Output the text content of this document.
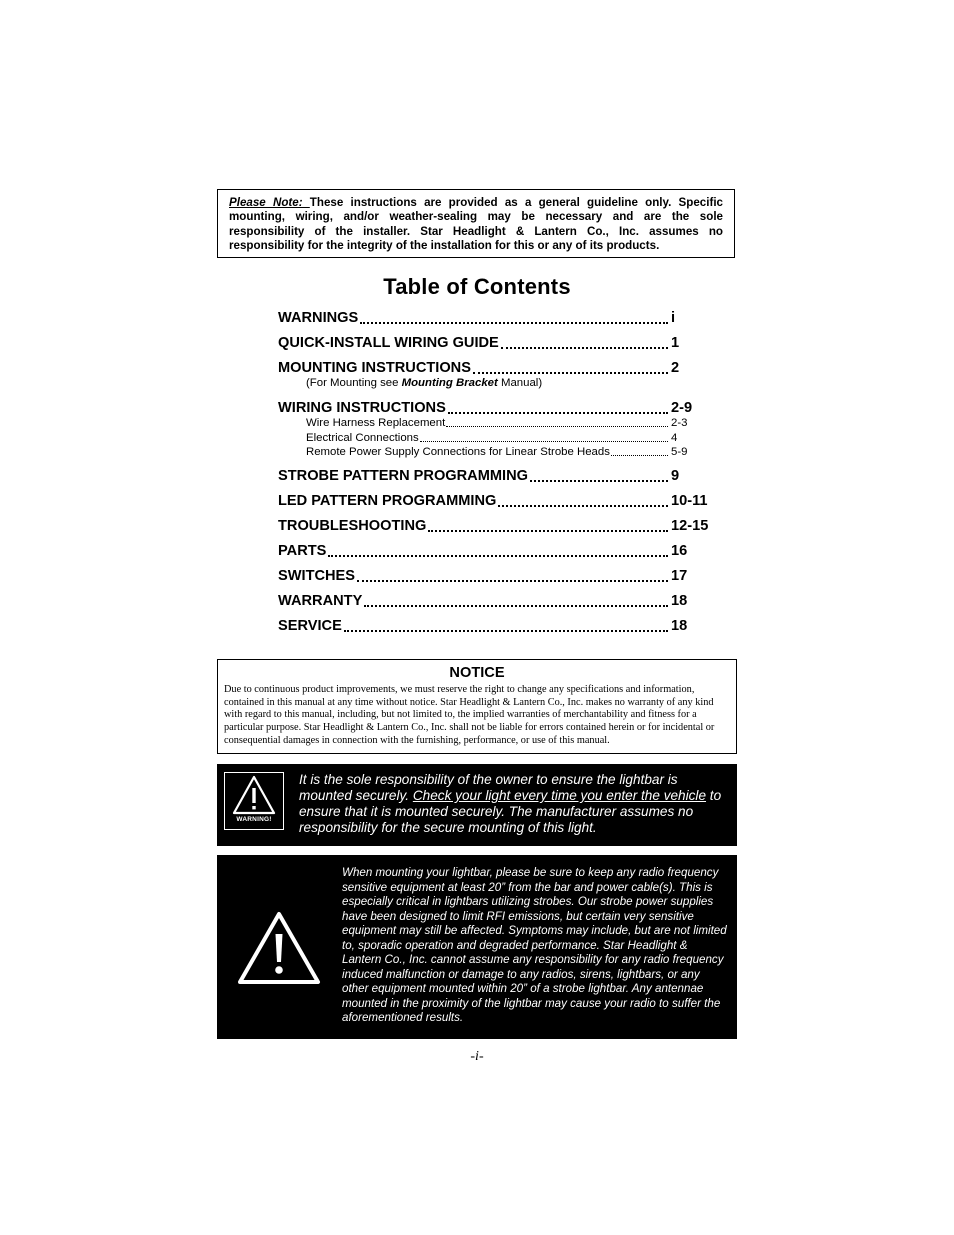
Please Note: These instructions are provided as a general guideline only. Specific mounting, wiring, and/or weather-sealing may be necessary and are the sole responsibility of the installer. Star Headlight & Lantern Co., Inc. assumes no responsibility for the integrity of the installation for this or any of its products.
Table of Contents
WARNINGS	i
QUICK-INSTALL WIRING GUIDE	1
MOUNTING INSTRUCTIONS	2
(For Mounting see Mounting Bracket Manual)
WIRING INSTRUCTIONS	2-9
Wire Harness Replacement	2-3
Electrical Connections	4
Remote Power Supply Connections for Linear Strobe Heads	5-9
STROBE PATTERN PROGRAMMING	9
LED PATTERN PROGRAMMING	10-11
TROUBLESHOOTING	12-15
PARTS	16
SWITCHES	17
WARRANTY	18
SERVICE	18
NOTICE
Due to continuous product improvements, we must reserve the right to change any specifications and information, contained in this manual at any time without notice. Star Headlight & Lantern Co., Inc. makes no warranty of any kind with regard to this manual, including, but not limited to, the implied warranties of merchantability and fitness for a particular purpose. Star Headlight & Lantern Co., Inc. shall not be liable for errors contained herein or for incidental or consequential damages in connection with the furnishing, performance, or use of this manual.
WARNING!
It is the sole responsibility of the owner to ensure the lightbar is mounted securely. Check your light every time you enter the vehicle to ensure that it is mounted securely. The manufacturer assumes no responsibility for the secure mounting of this light.
When mounting your lightbar, please be sure to keep any radio frequency sensitive equipment at least 20” from the bar and power cable(s). This is especially critical in lightbars utilizing strobes. Our strobe power supplies have been designed to limit RFI emissions, but certain very sensitive equipment may still be affected. Symptoms may include, but are not limited to, sporadic operation and degraded performance. Star Headlight & Lantern Co., Inc. cannot assume any responsibility for any radio frequency induced malfunction or damage to any radios, sirens, lightbars, or any other equipment mounted within 20” of a strobe lightbar. Any antennae mounted in the proximity of the lightbar may cause your radio to suffer the aforementioned results.
-i-
